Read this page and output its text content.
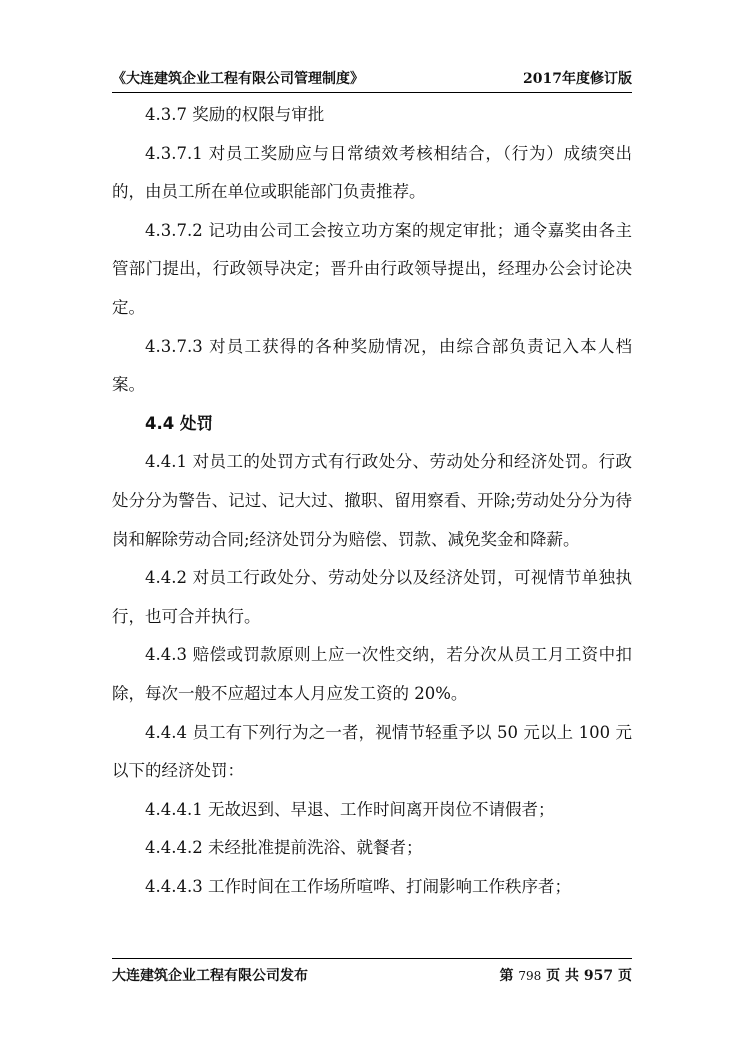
《大连建筑企业工程有限公司管理制度》	2017年度修订版

4.3.7 奖励的权限与审批

4.3.7.1 对员工奖励应与日常绩效考核相结合，（行为）成绩突出的，由员工所在单位或职能部门负责推荐。

4.3.7.2 记功由公司工会按立功方案的规定审批；通令嘉奖由各主管部门提出，行政领导决定；晋升由行政领导提出，经理办公会讨论决定。

4.3.7.3 对员工获得的各种奖励情况，由综合部负责记入本人档案。

4.4 处罚

4.4.1 对员工的处罚方式有行政处分、劳动处分和经济处罚。行政处分分为警告、记过、记大过、撤职、留用察看、开除;劳动处分分为待岗和解除劳动合同;经济处罚分为赔偿、罚款、减免奖金和降薪。

4.4.2 对员工行政处分、劳动处分以及经济处罚，可视情节单独执行，也可合并执行。

4.4.3 赔偿或罚款原则上应一次性交纳，若分次从员工月工资中扣除，每次一般不应超过本人月应发工资的 20%。

4.4.4 员工有下列行为之一者，视情节轻重予以 50 元以上 100 元以下的经济处罚：

4.4.4.1 无故迟到、早退、工作时间离开岗位不请假者；

4.4.4.2 未经批准提前洗浴、就餐者；

4.4.4.3 工作时间在工作场所喧哗、打闹影响工作秩序者；

大连建筑企业工程有限公司发布	第 798 页 共 957 页
